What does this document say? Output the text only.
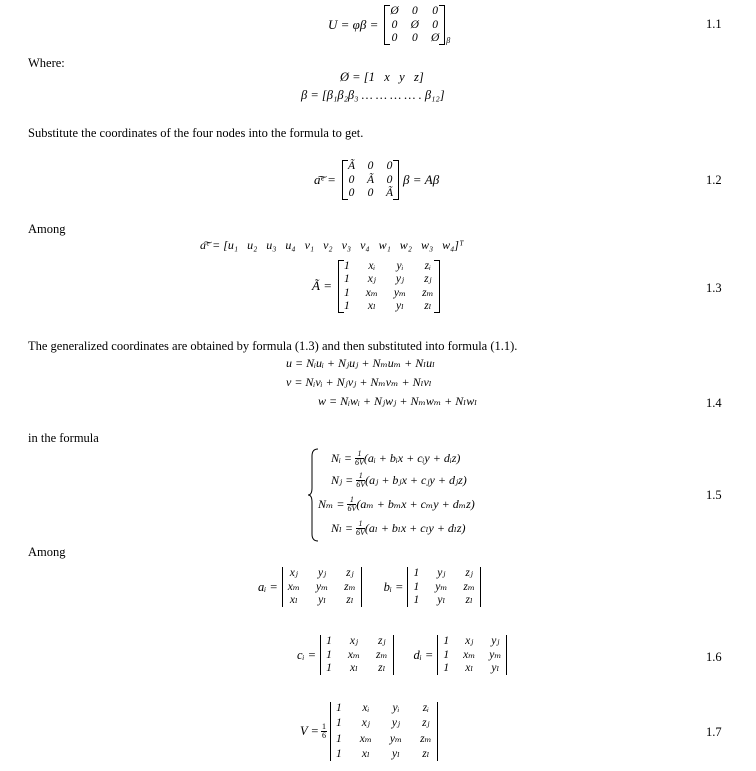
U = φβ =
Ø 0 0
0 Ø 0
0 0 Ø β
1.1
Where:
Ø = [1   x   y   z]
β = [β₁β₂β₃ … … … … . β₁₂]
Substitute the coordinates of the four nodes into the formula to get.
a͠ᵉ =
Ã 0 0
0 Ã 0
0 0 Ã
β = Aβ	1.2
Among
a͠ᵉ = [u₁   u₂   u₃   u₄   v₁   v₂   v₃   v₄   w₁   w₂   w₃   w₄]ᵀ
Ã =
1 xᵢ yᵢ zᵢ
1 xⱼ yⱼ zⱼ
1 xₘ yₘ zₘ
1 xₗ yₗ zₗ
1.3
The generalized coordinates are obtained by formula (1.3) and then substituted into formula (1.1).
u = Nᵢuᵢ + Nⱼuⱼ + Nₘuₘ + Nₗuₗ
v = Nᵢvᵢ + Nⱼvⱼ + Nₘvₘ + Nₗvₗ
w = Nᵢwᵢ + Nⱼwⱼ + Nₘwₘ + Nₗwₗ	1.4
in the formula
Nᵢ = $\frac{1}{6V}$ (aᵢ + bᵢx + cᵢy + dᵢz)
Nⱼ = $\frac{1}{6V}$ (aⱼ + bⱼx + cⱼy + dⱼz)
$N_m = \frac{1}{6V} (a_m + b_mx + c_my + d_mz)$
$N_l = \frac{1}{6V} (a_l + b_lx + c_ly + d_lz)$
1.5
Among
aᵢ =
xⱼ yⱼ zⱼ
xₘ yₘ zₘ
xₗ yₗ zₗ
bᵢ =
1 yⱼ zⱼ
1 yₘ zₘ
1 yₗ zₗ
cᵢ =
1 xⱼ zⱼ
1 xₘ zₘ
1 xₗ zₗ
dᵢ =
1 xⱼ yⱼ
1 xₘ yₘ
1 xₗ yₗ
1.6
$V = \frac{1}{6}$
1 xᵢ yᵢ zᵢ
1 xⱼ yⱼ zⱼ
1 xₘ yₘ zₘ
1 xₗ yₗ zₗ
1.7
